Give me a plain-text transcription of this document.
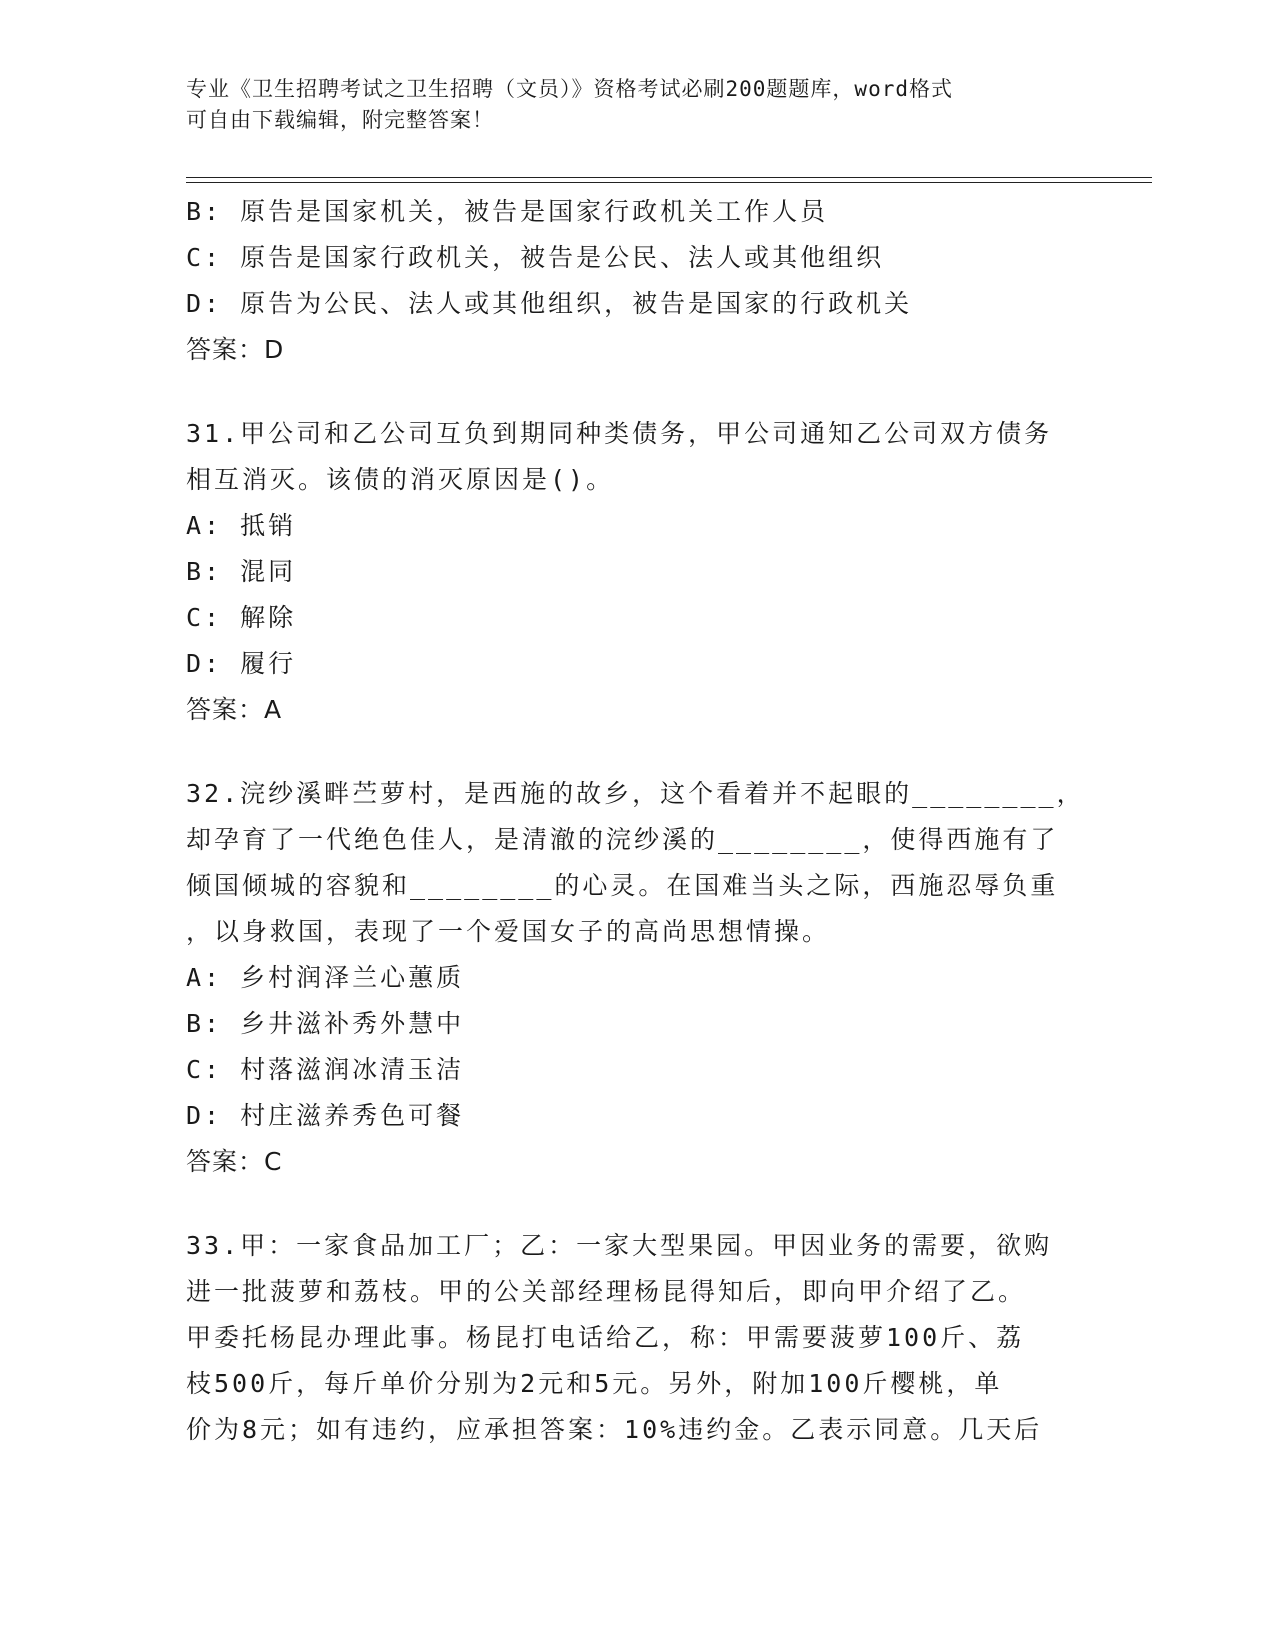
专业《卫生招聘考试之卫生招聘（文员）》资格考试必刷200题题库，word格式
可自由下载编辑，附完整答案！
B: 原告是国家机关，被告是国家行政机关工作人员
C: 原告是国家行政机关，被告是公民、法人或其他组织
D: 原告为公民、法人或其他组织，被告是国家的行政机关
答案：D
31.甲公司和乙公司互负到期同种类债务，甲公司通知乙公司双方债务
相互消灭。该债的消灭原因是()。
A: 抵销
B: 混同
C: 解除
D: 履行
答案：A
32.浣纱溪畔苎萝村，是西施的故乡，这个看着并不起眼的________，
却孕育了一代绝色佳人，是清澈的浣纱溪的________，使得西施有了
倾国倾城的容貌和________的心灵。在国难当头之际，西施忍辱负重
，以身救国，表现了一个爱国女子的高尚思想情操。
A: 乡村润泽兰心蕙质
B: 乡井滋补秀外慧中
C: 村落滋润冰清玉洁
D: 村庄滋养秀色可餐
答案：C
33.甲：一家食品加工厂；乙：一家大型果园。甲因业务的需要，欲购
进一批菠萝和荔枝。甲的公关部经理杨昆得知后，即向甲介绍了乙。
甲委托杨昆办理此事。杨昆打电话给乙，称：甲需要菠萝100斤、荔
枝500斤，每斤单价分别为2元和5元。另外，附加100斤樱桃，单
价为8元；如有违约，应承担答案：10%违约金。乙表示同意。几天后
